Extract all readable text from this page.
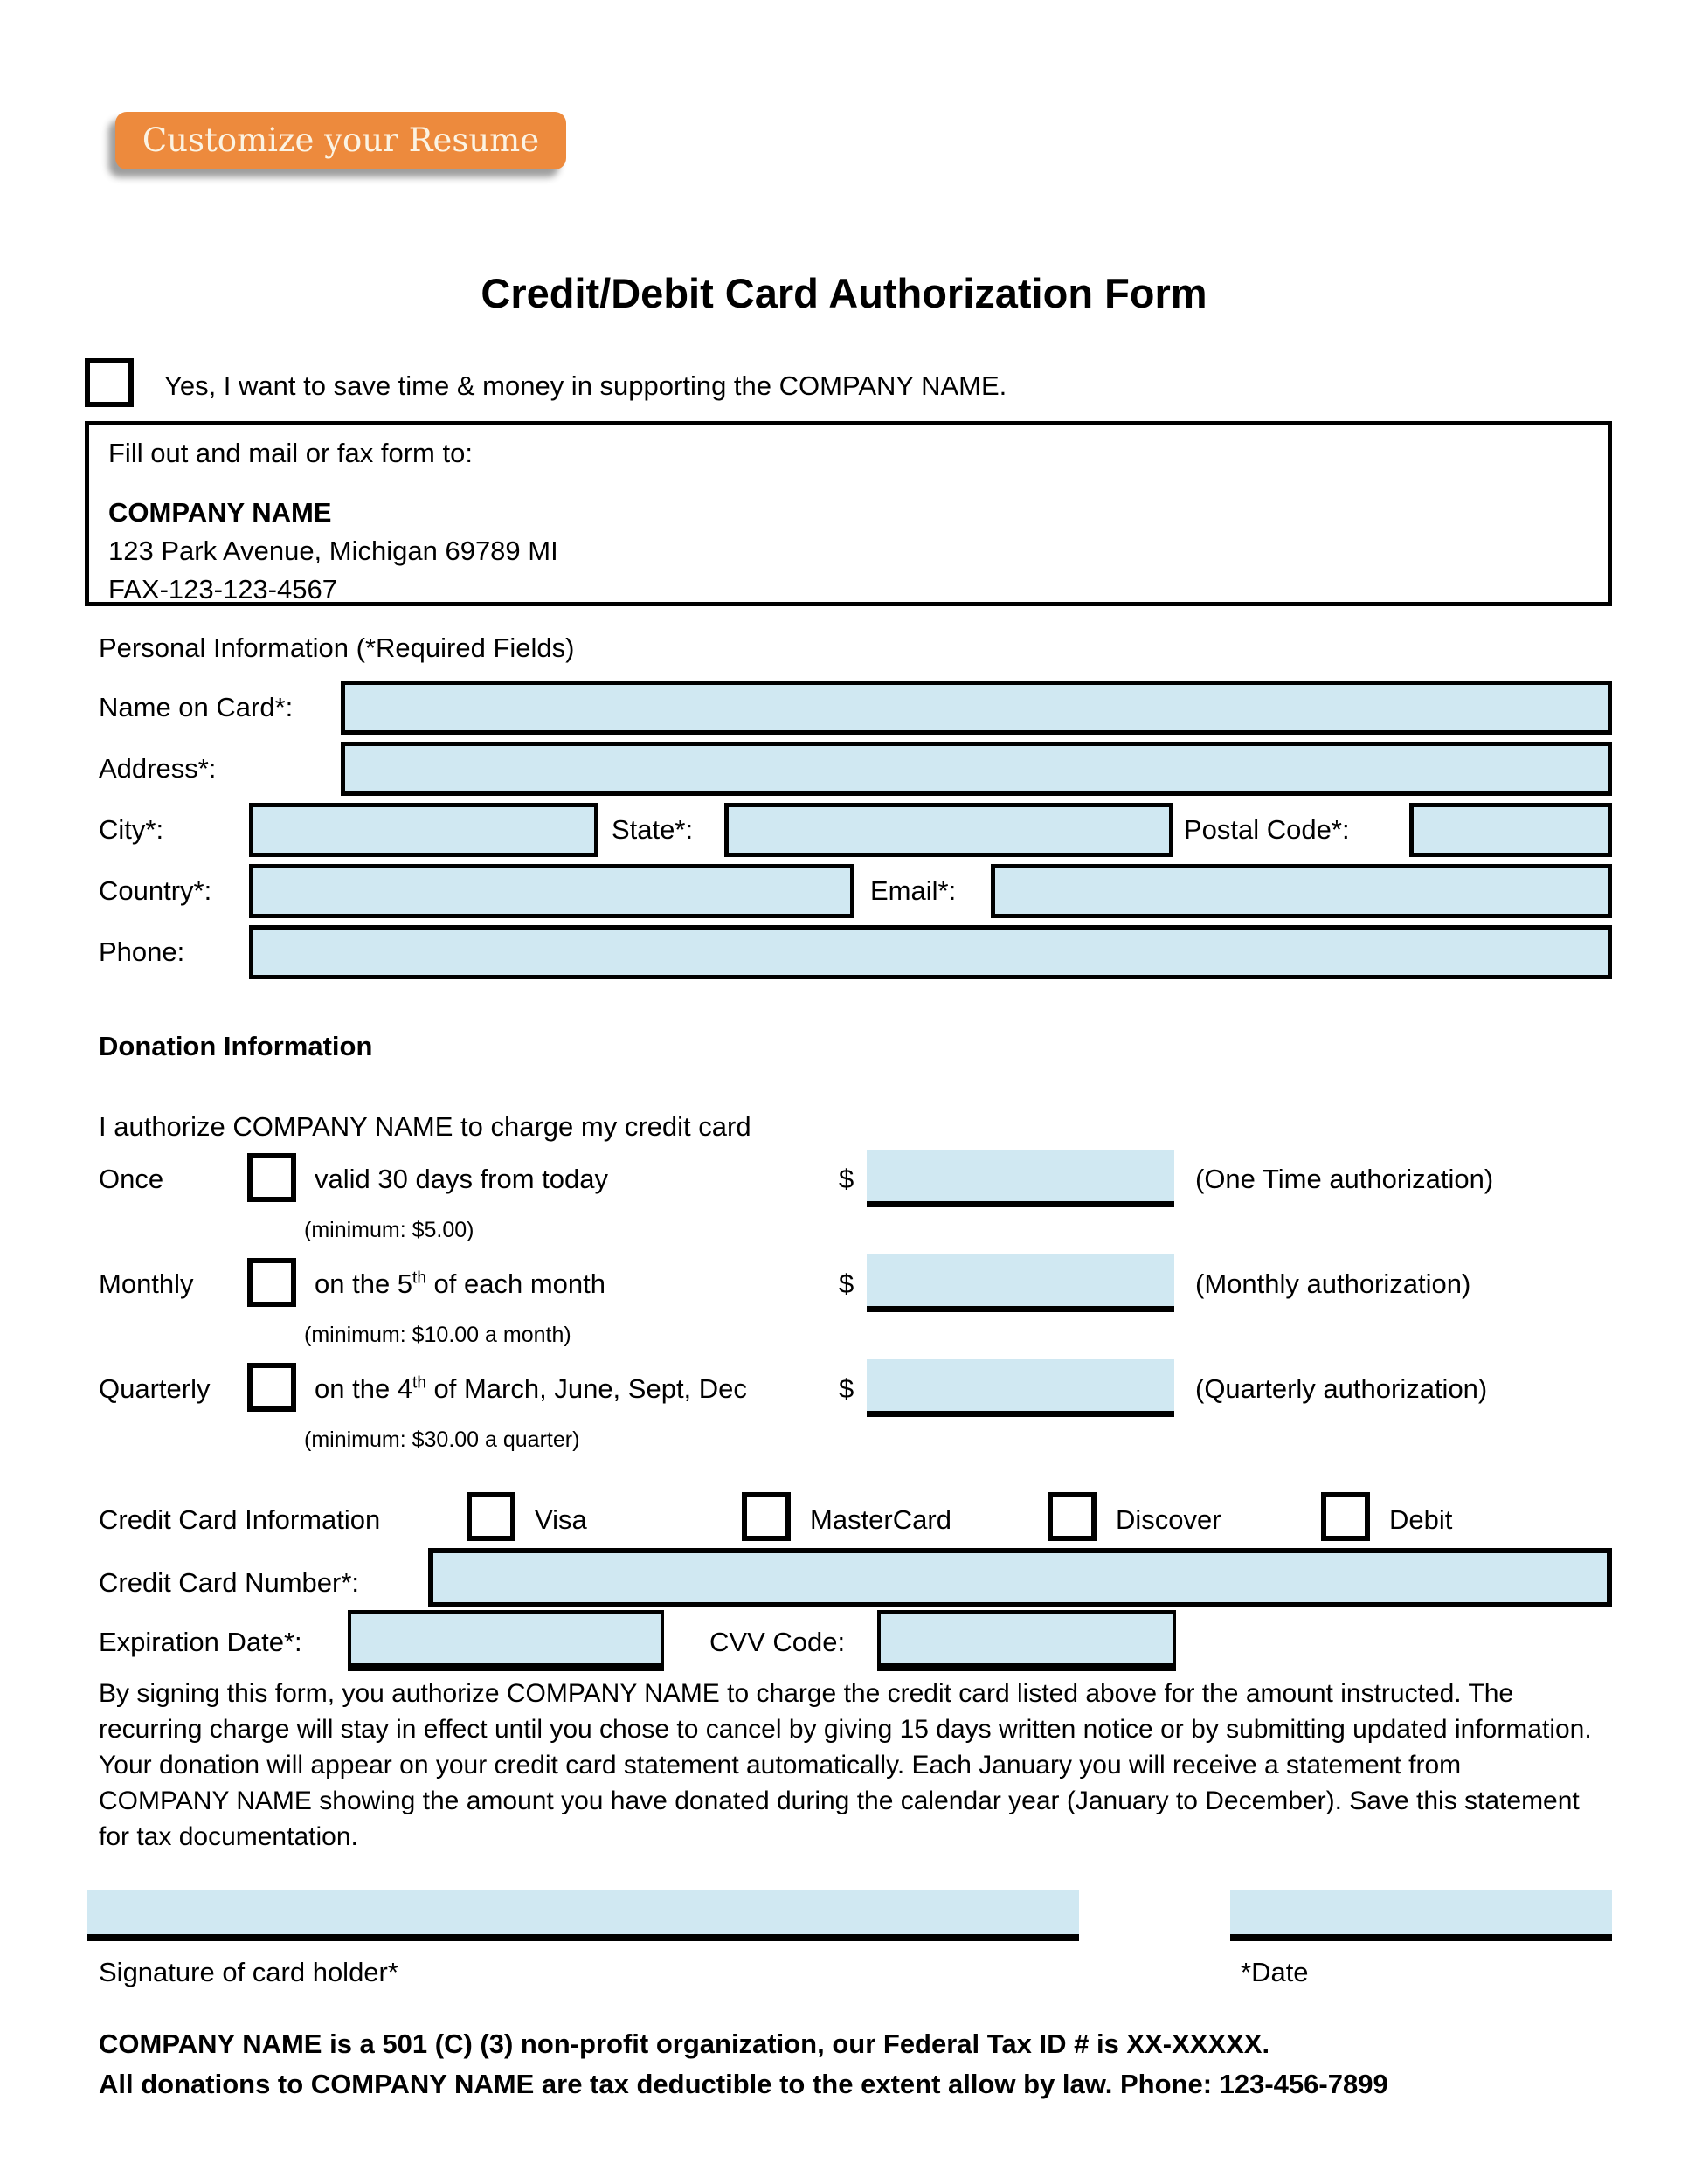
Customize your Resume
Credit/Debit Card Authorization Form
Yes, I want to save time & money in supporting the COMPANY NAME.
Fill out and mail or fax form to:
COMPANY NAME
123 Park Avenue, Michigan 69789 MI
FAX-123-123-4567
Personal Information (*Required Fields)
Name on Card*:
Address*:
City*:	State*:	Postal Code*:
Country*:	Email*:
Phone:
Donation Information
I authorize COMPANY NAME to charge my credit card
Once	valid 30 days from today	$	(One Time authorization)
(minimum: $5.00)
Monthly	on the 5th of each month	$	(Monthly authorization)
(minimum: $10.00 a month)
Quarterly	on the 4th of March, June, Sept, Dec	$	(Quarterly authorization)
(minimum: $30.00 a quarter)
Credit Card Information	Visa	MasterCard	Discover	Debit
Credit Card Number*:
Expiration Date*:	CVV Code:
By signing this form, you authorize COMPANY NAME to charge the credit card listed above for the amount instructed. The recurring charge will stay in effect until you chose to cancel by giving 15 days written notice or by submitting updated information. Your donation will appear on your credit card statement automatically. Each January you will receive a statement from COMPANY NAME showing the amount you have donated during the calendar year (January to December). Save this statement for tax documentation.
Signature of card holder*	*Date
COMPANY NAME is a 501 (C) (3) non-profit organization, our Federal Tax ID # is XX-XXXXX.
All donations to COMPANY NAME are tax deductible to the extent allow by law. Phone: 123-456-7899
